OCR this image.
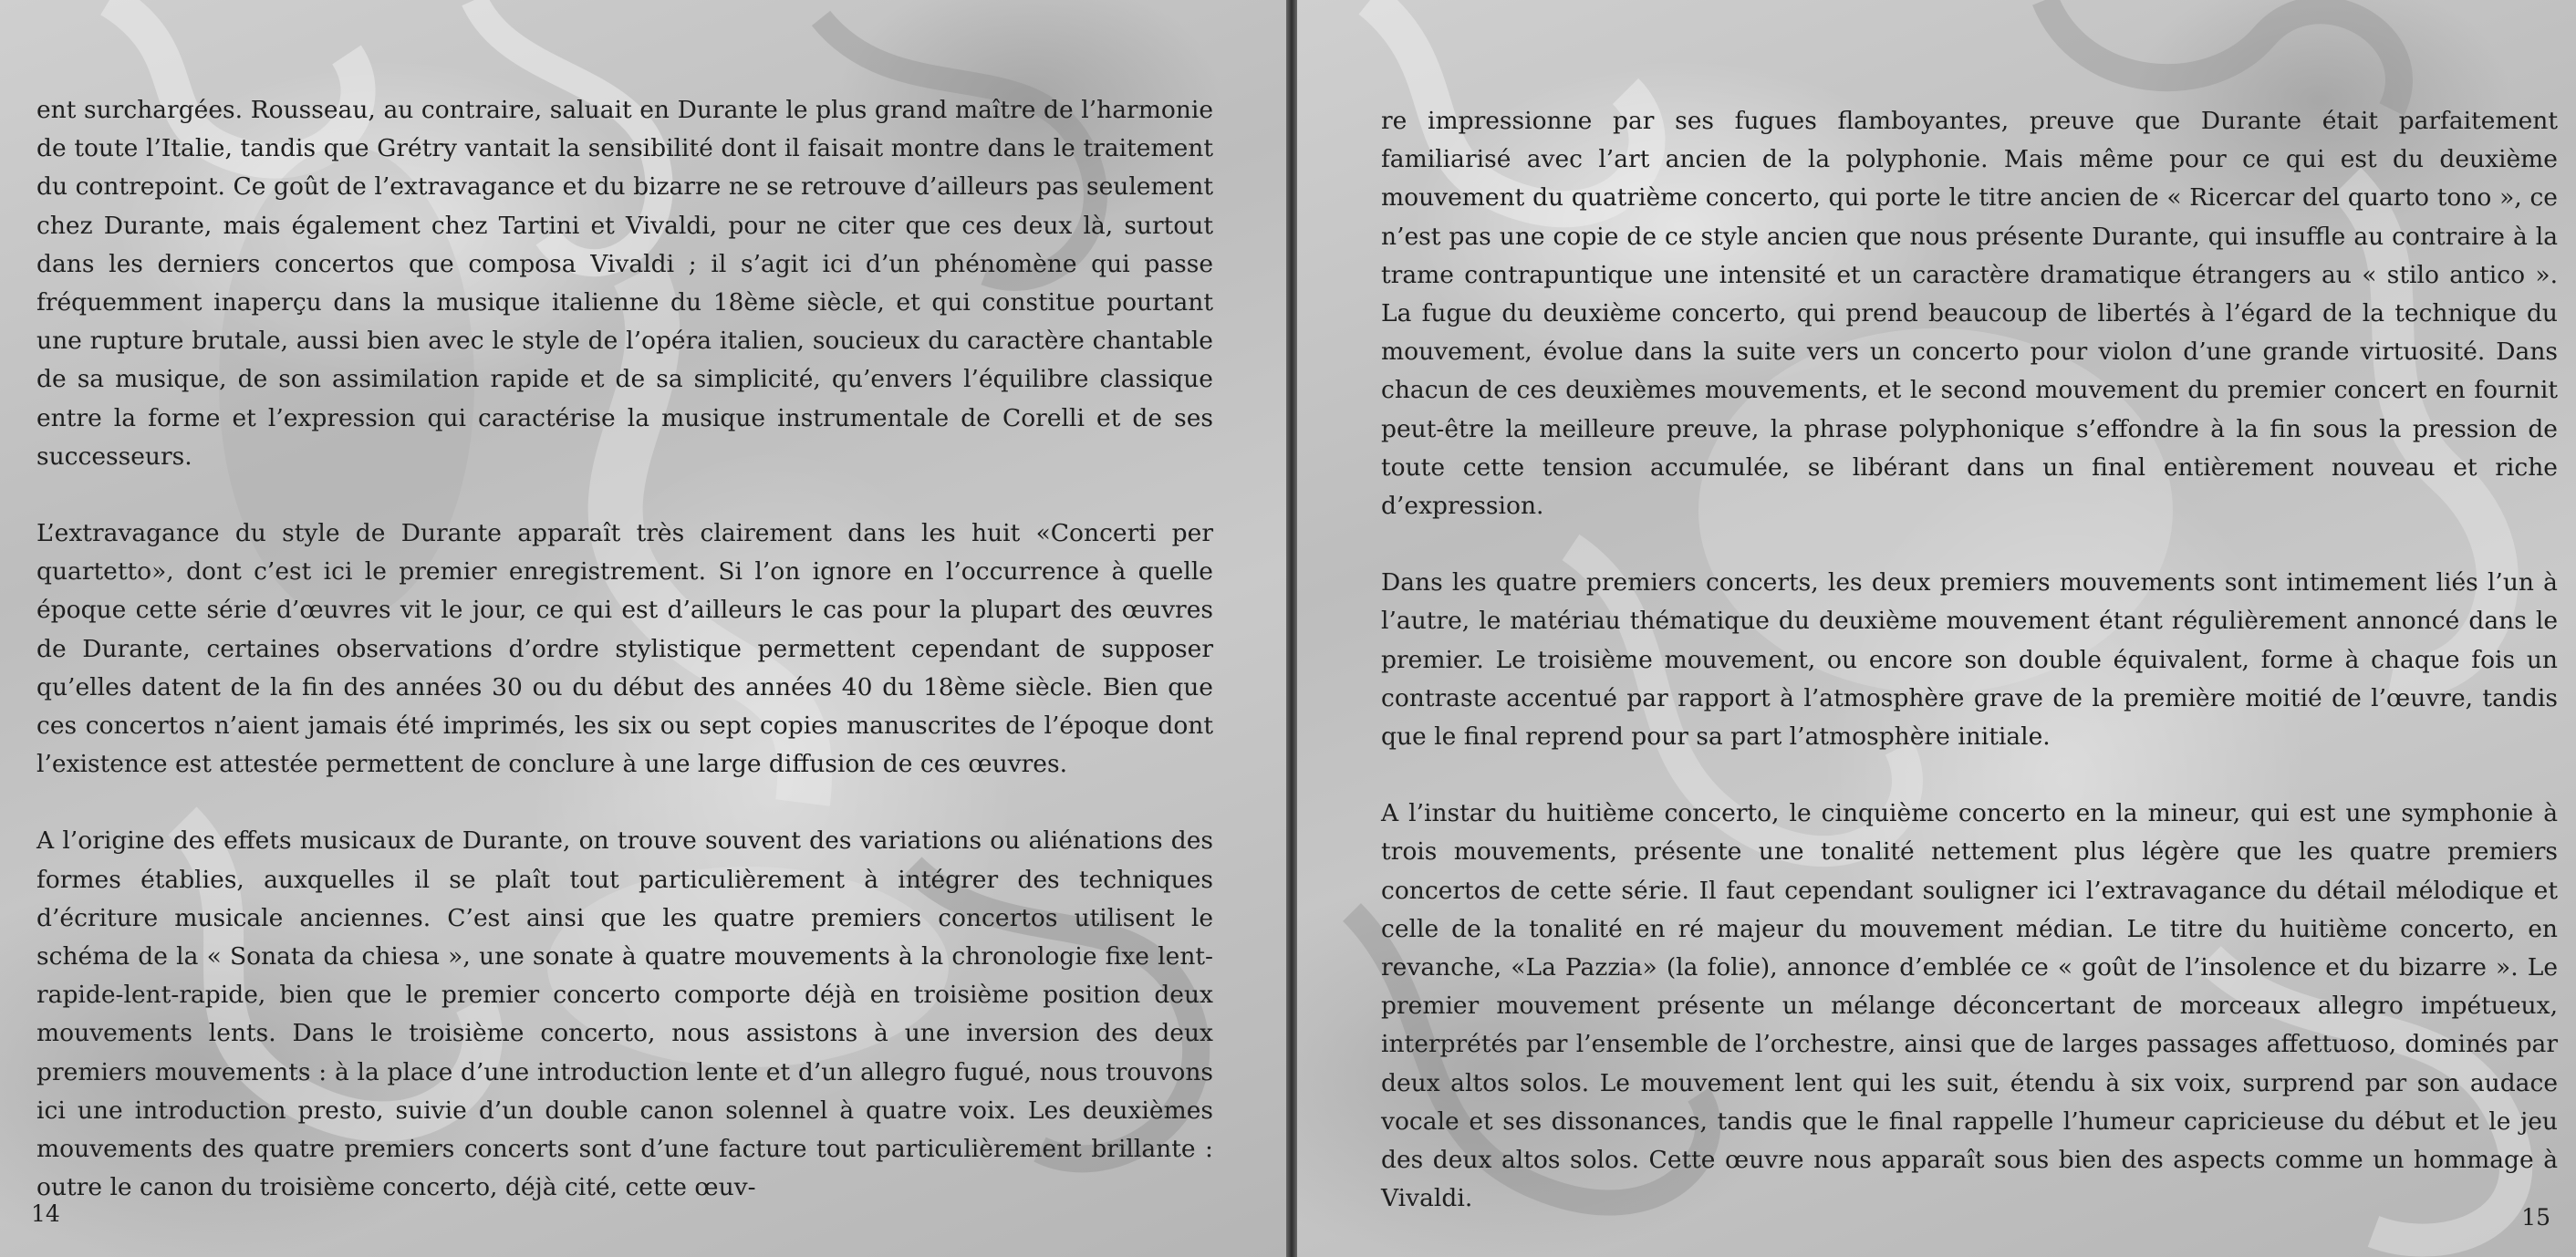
ent surchargées. Rousseau, au contraire, saluait en Durante le plus grand maître de l’harmonie de toute l’Italie, tandis que Grétry vantait la sensibilité dont il faisait montre dans le traitement du contrepoint. Ce goût de l’extravagance et du bizarre ne se retrouve d’ailleurs pas seulement chez Durante, mais également chez Tartini et Vivaldi, pour ne citer que ces deux là, surtout dans les derniers concertos que composa Vivaldi ; il s’agit ici d’un phénomène qui passe fréquemment inaperçu dans la musique italienne du 18ème siècle, et qui constitue pourtant une rupture brutale, aussi bien avec le style de l’opéra italien, soucieux du caractère chantable de sa musique, de son assimilation rapide et de sa simplicité, qu’envers l’équilibre classique entre la forme et l’expression qui caractérise la musique instrumentale de Corelli et de ses successeurs.

L’extravagance du style de Durante apparaît très clairement dans les huit «Concerti per quartetto», dont c’est ici le premier enregistrement. Si l’on ignore en l’occurrence à quelle époque cette série d’œuvres vit le jour, ce qui est d’ailleurs le cas pour la plupart des œuvres de Durante, certaines observations d’ordre stylistique permettent cependant de supposer qu’elles datent de la fin des années 30 ou du début des années 40 du 18ème siècle. Bien que ces concertos n’aient jamais été imprimés, les six ou sept copies manuscrites de l’époque dont l’existence est attestée permettent de conclure à une large diffusion de ces œuvres.

A l’origine des effets musicaux de Durante, on trouve souvent des variations ou aliénations des formes établies, auxquelles il se plaît tout particulièrement à intégrer des techniques d’écriture musicale anciennes. C’est ainsi que les quatre premiers concertos utilisent le schéma de la « Sonata da chiesa », une sonate à quatre mouvements à la chronologie fixe lent-rapide-lent-rapide, bien que le premier concerto comporte déjà en troisième position deux mouvements lents. Dans le troisième concerto, nous assistons à une inversion des deux premiers mouvements : à la place d’une introduction lente et d’un allegro fugué, nous trouvons ici une introduction presto, suivie d’un double canon solennel à quatre voix. Les deuxièmes mouvements des quatre premiers concerts sont d’une facture tout particulièrement brillante : outre le canon du troisième concerto, déjà cité, cette œuv-

14

re impressionne par ses fugues flamboyantes, preuve que Durante était parfaitement familiarisé avec l’art ancien de la polyphonie. Mais même pour ce qui est du deuxième mouvement du quatrième concerto, qui porte le titre ancien de « Ricercar del quarto tono », ce n’est pas une copie de ce style ancien que nous présente Durante, qui insuffle au contraire à la trame contrapuntique une intensité et un caractère dramatique étrangers au « stilo antico ». La fugue du deuxième concerto, qui prend beaucoup de libertés à l’égard de la technique du mouvement, évolue dans la suite vers un concerto pour violon d’une grande virtuosité. Dans chacun de ces deuxièmes mouvements, et le second mouvement du premier concert en fournit peut-être la meilleure preuve, la phrase polyphonique s’effondre à la fin sous la pression de toute cette tension accumulée, se libérant dans un final entièrement nouveau et riche d’expression.

Dans les quatre premiers concerts, les deux premiers mouvements sont intimement liés l’un à l’autre, le matériau thématique du deuxième mouvement étant régulièrement annoncé dans le premier. Le troisième mouvement, ou encore son double équivalent, forme à chaque fois un contraste accentué par rapport à l’atmosphère grave de la première moitié de l’œuvre, tandis que le final reprend pour sa part l’atmosphère initiale.

A l’instar du huitième concerto, le cinquième concerto en la mineur, qui est une symphonie à trois mouvements, présente une tonalité nettement plus légère que les quatre premiers concertos de cette série. Il faut cependant souligner ici l’extravagance du détail mélodique et celle de la tonalité en ré majeur du mouvement médian. Le titre du huitième concerto, en revanche, «La Pazzia» (la folie), annonce d’emblée ce « goût de l’insolence et du bizarre ». Le premier mouvement présente un mélange déconcertant de morceaux allegro impétueux, interprétés par l’ensemble de l’orchestre, ainsi que de larges passages affettuoso, dominés par deux altos solos. Le mouvement lent qui les suit, étendu à six voix, surprend par son audace vocale et ses dissonances, tandis que le final rappelle l’humeur capricieuse du début et le jeu des deux altos solos. Cette œuvre nous apparaît sous bien des aspects comme un hommage à Vivaldi.

15
